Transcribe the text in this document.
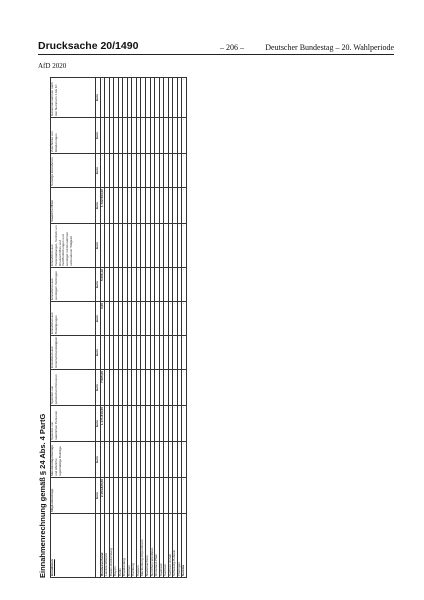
Drucksache 20/1490	– 206 –	Deutscher Bundestag – 20. Wahlperiode
AfD 2020
Einnahmenrechnung gemäß § 24 Abs. 4 PartG Einnahmen	Mitgliedsbeiträge	Mandatsträgerbeiträge und ähnliche regelmäßige Beiträge	Spenden von natürlichen Personen	Spenden von juristischen Personen	Einnahmen aus Unternehmenstätigkeit	Einnahmen aus Beteiligungen	Einnahmen aus sonstigem Vermögen	Einnahmen aus Veranstaltungen, Vertrieb von Druckschriften und Veröffentlichungen und sonstiger mit Einnahmen verbundener Tätigkeit	Staatliche Mittel	Sonstige Einnahmen	Zuschüsse von Gliederungen	Gesamteinnahmen nach den Nummern 1 bis 10
	Euro	Euro	Euro	Euro	Euro	Euro	Euro	Euro	Euro	Euro	Euro	Euro
Bundesverband	2.154.820,00	·	1.171.810,00	7.565,00	·	0,00	5.006,16	·	1.722.563,00	·	·	·
Landesverbände	·	·	·	·	·	·	·	·	·	·	·	·
Baden-Württemberg	·	·	·	·	·	·	·	·	·	·	·	·
Bayern	·	·	·	·	·	·	·	·	·	·	·	·
Berlin	·	·	·	·	·	·	·	·	·	·	·	·
Brandenburg	·	·	·	·	·	·	·	·	·	·	·	·
Bremen	·	·	·	·	·	·	·	·	·	·	·	·
Hamburg	·	·	·	·	·	·	·	·	·	·	·	·
Hessen	·	·	·	·	·	·	·	·	·	·	·	·
Mecklenburg-Vorpommern	·	·	·	·	·	·	·	·	·	·	·	·
Niedersachsen	·	·	·	·	·	·	·	·	·	·	·	·
Nordrhein-Westfalen	·	·	·	·	·	·	·	·	·	·	·	·
Rheinland-Pfalz	·	·	·	·	·	·	·	·	·	·	·	·
Saarland	·	·	·	·	·	·	·	·	·	·	·	·
Sachsen	·	·	·	·	·	·	·	·	·	·	·	·
Sachsen-Anhalt	·	·	·	·	·	·	·	·	·	·	·	·
Schleswig-Holstein	·	·	·	·	·	·	·	·	·	·	·	·
Thüringen	·	·	·	·	·	·	·	·	·	·	·	·
Summe	·	·	·	·	·	·	·	·	·	·	·	·
